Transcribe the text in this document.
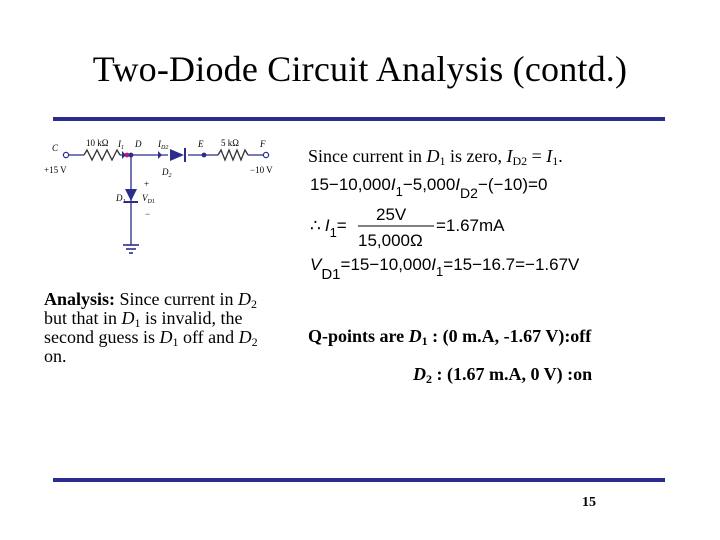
Two-Diode Circuit Analysis (contd.)
C	10 kΩ $I_1$ D $I_{D2}$	E 5 kΩ F
+15 V	−10 V
$D_2$
$D_1$
+
$V_{D1}$
−
Analysis: Since current in $D_2$ but that in $D_1$ is invalid, the second guess is $D_1$ off and $D_2$ on.
Since current in $D_1$ is zero, $I_{D2} = I_1$.
$15-10,000I_1-5,000I_{D2}-(-10)=0$
∴ $I_1=$
25V
15,000Ω
=1.67mA
$VD1=15-10,000I_1=15-16.7=-1.67V$
Q-points are $D_1$ : (0 m.A, -1.67 V):off
$D_2$ : (1.67 m.A, 0 V) :on
15
